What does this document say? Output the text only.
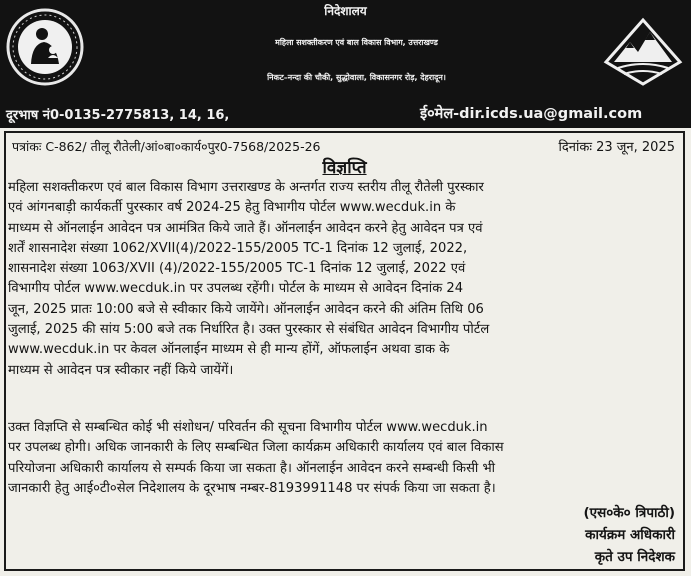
निदेशालय
महिला सशक्तीकरण एवं बाल विकास विभाग, उत्तराखण्ड
निकट–नन्दा की चौकी, सुद्धोवाला, विकासनगर रोड़, देहरादून।
दूरभाष नं0-0135-2775813, 14, 16,	ई०मेल-dir.icds.ua@gmail.com
पत्रांकः C-862/ तीलू रौतेली/आं०बा०कार्य०पुर0-7568/2025-26	दिनांकः 23 जून, 2025
विज्ञप्ति
महिला सशक्तीकरण एवं बाल विकास विभाग उत्तराखण्ड के अन्तर्गत राज्य स्तरीय तीलू रौतेली पुरस्कार
एवं आंगनबाड़ी कार्यकर्ती पुरस्कार वर्ष 2024-25 हेतु विभागीय पोर्टल www.wecduk.in के
माध्यम से ऑनलाईन आवेदन पत्र आमंत्रित किये जाते हैं। ऑनलाईन आवेदन करने हेतु आवेदन पत्र एवं
शर्तें शासनादेश संख्या 1062/XVII(4)/2022-155/2005 TC-1 दिनांक 12 जुलाई, 2022,
शासनादेश संख्या 1063/XVII (4)/2022-155/2005 TC-1 दिनांक 12 जुलाई, 2022 एवं
विभागीय पोर्टल www.wecduk.in पर उपलब्ध रहेंगी। पोर्टल के माध्यम से आवेदन दिनांक 24
जून, 2025 प्रातः 10:00 बजे से स्वीकार किये जायेंगे। ऑनलाईन आवेदन करने की अंतिम तिथि 06
जुलाई, 2025 की सांय 5:00 बजे तक निर्धारित है। उक्त पुरस्कार से संबंधित आवेदन विभागीय पोर्टल
www.wecduk.in पर केवल ऑनलाईन माध्यम से ही मान्य होंगें, ऑफलाईन अथवा डाक के
माध्यम से आवेदन पत्र स्वीकार नहीं किये जायेंगें।
उक्त विज्ञप्ति से सम्बन्धित कोई भी संशोधन/ परिवर्तन की सूचना विभागीय पोर्टल www.wecduk.in
पर उपलब्ध होगी। अधिक जानकारी के लिए सम्बन्धित जिला कार्यक्रम अधिकारी कार्यालय एवं बाल विकास
परियोजना अधिकारी कार्यालय से सम्पर्क किया जा सकता है। ऑनलाईन आवेदन करने सम्बन्धी किसी भी
जानकारी हेतु आई०टी०सेल निदेशालय के दूरभाष नम्बर-8193991148 पर संपर्क किया जा सकता है।
(एस०के० त्रिपाठी)
कार्यक्रम अधिकारी
कृते उप निदेशक
